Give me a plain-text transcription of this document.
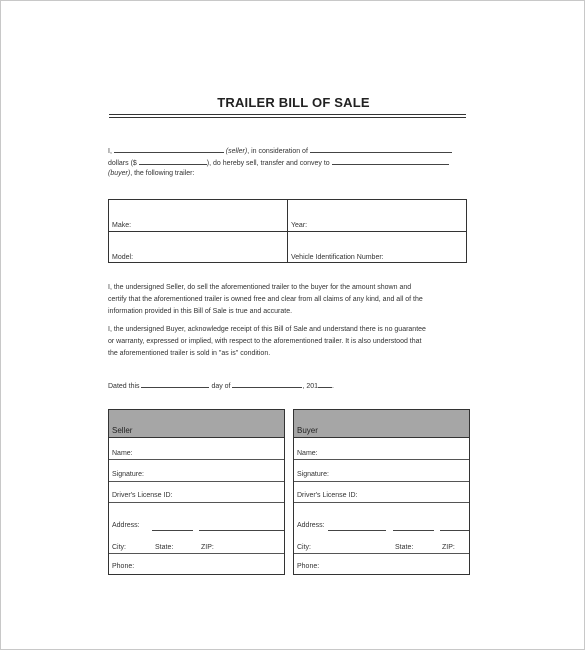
TRAILER BILL OF SALE
I,	(seller), in consideration of
dollars ($	), do hereby sell, transfer and convey to
(buyer), the following trailer:
Make:	Year:
Model:	Vehicle Identification Number:
I, the undersigned Seller, do sell the aforementioned trailer to the buyer for the amount shown and
certify that the aforementioned trailer is owned free and clear from all claims of any kind, and all of the
information provided in this Bill of Sale is true and accurate.
I, the undersigned Buyer, acknowledge receipt of this Bill of Sale and understand there is no guarantee
or warranty, expressed or implied, with respect to the aforementioned trailer. It is also understood that
the aforementioned trailer is sold in "as is" condition.
Dated this	day of	, 201 .
Seller
Name:
Signature:
Driver's License ID:
Address:
City:	State:	ZIP:
Phone:
Buyer
Name:
Signature:
Driver's License ID:
Address:
City:	State:	ZIP:
Phone:
